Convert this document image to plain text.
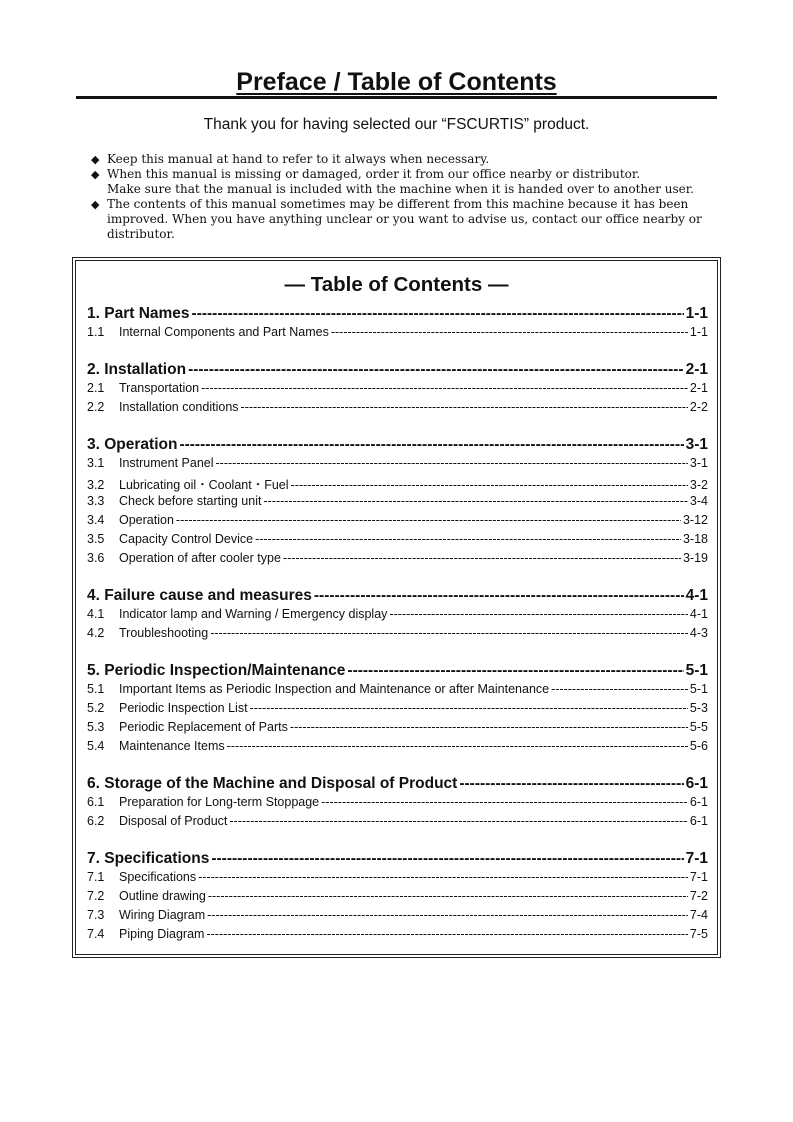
Preface / Table of Contents
Thank you for having selected our “FSCURTIS” product.
◆ Keep this manual at hand to refer to it always when necessary.
◆ When this manual is missing or damaged, order it from our office nearby or distributor.
Make sure that the manual is included with the machine when it is handed over to another user.
◆ The contents of this manual sometimes may be different from this machine because it has been
improved. When you have anything unclear or you want to advise us, contact our office nearby or
distributor.
— Table of Contents —
1. Part Names -----	1-1
1.1	Internal Components and Part Names -----	1-1
2. Installation -----	2-1
2.1	Transportation -----	2-1
2.2	Installation conditions -----	2-2
3. Operation -----	3-1
3.1	Instrument Panel -----	3-1
3.2	Lubricating oil・Coolant・Fuel -----	3-2
3.3	Check before starting unit -----	3-4
3.4	Operation -----	3-12
3.5	Capacity Control Device -----	3-18
3.6	Operation of after cooler type -----	3-19
4. Failure cause and measures -----	4-1
4.1	Indicator lamp and Warning / Emergency display -----	4-1
4.2	Troubleshooting -----	4-3
5. Periodic Inspection/Maintenance -----	5-1
5.1	Important Items as Periodic Inspection and Maintenance or after Maintenance -----	5-1
5.2	Periodic Inspection List -----	5-3
5.3	Periodic Replacement of Parts -----	5-5
5.4	Maintenance Items -----	5-6
6. Storage of the Machine and Disposal of Product -----	6-1
6.1	Preparation for Long-term Stoppage -----	6-1
6.2	Disposal of Product -----	6-1
7. Specifications -----	7-1
7.1	Specifications -----	7-1
7.2	Outline drawing -----	7-2
7.3	Wiring Diagram -----	7-4
7.4	Piping Diagram -----	7-5
